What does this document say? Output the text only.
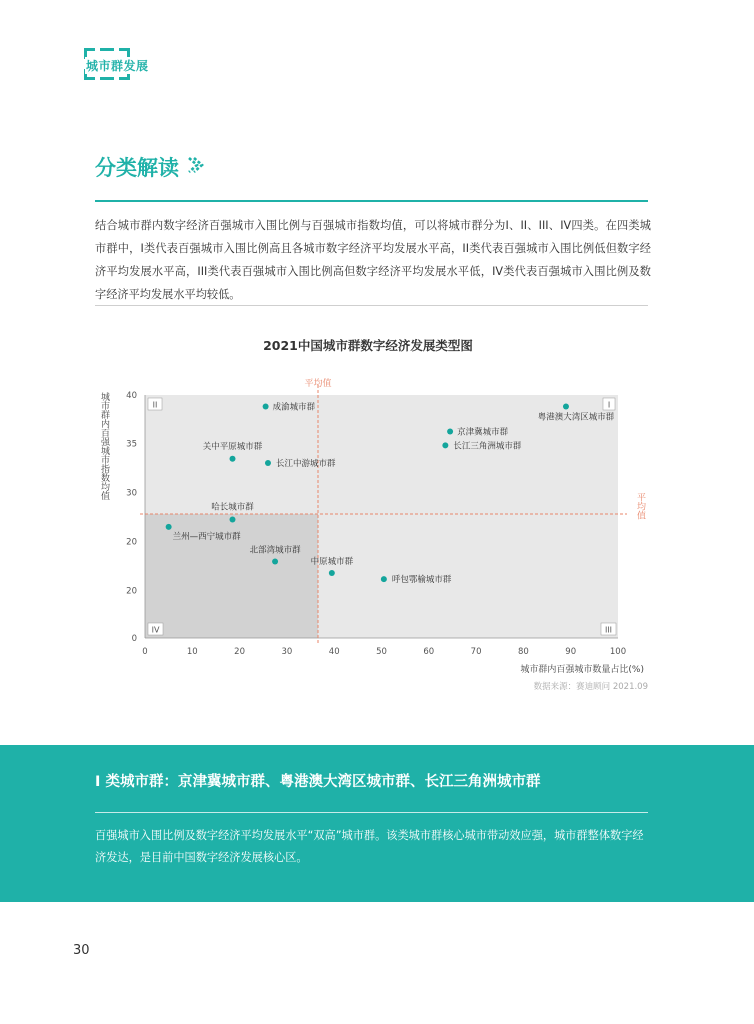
城市群发展
分类解读
结合城市群内数字经济百强城市入围比例与百强城市指数均值，可以将城市群分为I、II、III、IV四类。在四类城市群中，I类代表百强城市入围比例高且各城市数字经济平均发展水平高，II类代表百强城市入围比例低但数字经济平均发展水平高，III类代表百强城市入围比例高但数字经济平均发展水平低，IV类代表百强城市入围比例及数字经济平均发展水平均较低。
2021中国城市群数字经济发展类型图
平均值
平均值
I
II
III
IV
0
20
20
30
35
40
0	10	20	30	40	50	60	70	80	90	100
城市群内百强城市指数均值
城市群内百强城市数量占比(%)
数据来源：赛迪顾问 2021.09
成渝城市群
粤港澳大湾区城市群
京津冀城市群
长江三角洲城市群
关中平原城市群
长江中游城市群
哈长城市群
兰州—西宁城市群
北部湾城市群
中原城市群
呼包鄂榆城市群
I 类城市群：京津冀城市群、粤港澳大湾区城市群、长江三角洲城市群
百强城市入围比例及数字经济平均发展水平“双高”城市群。该类城市群核心城市带动效应强，城市群整体数字经济发达，是目前中国数字经济发展核心区。
30
